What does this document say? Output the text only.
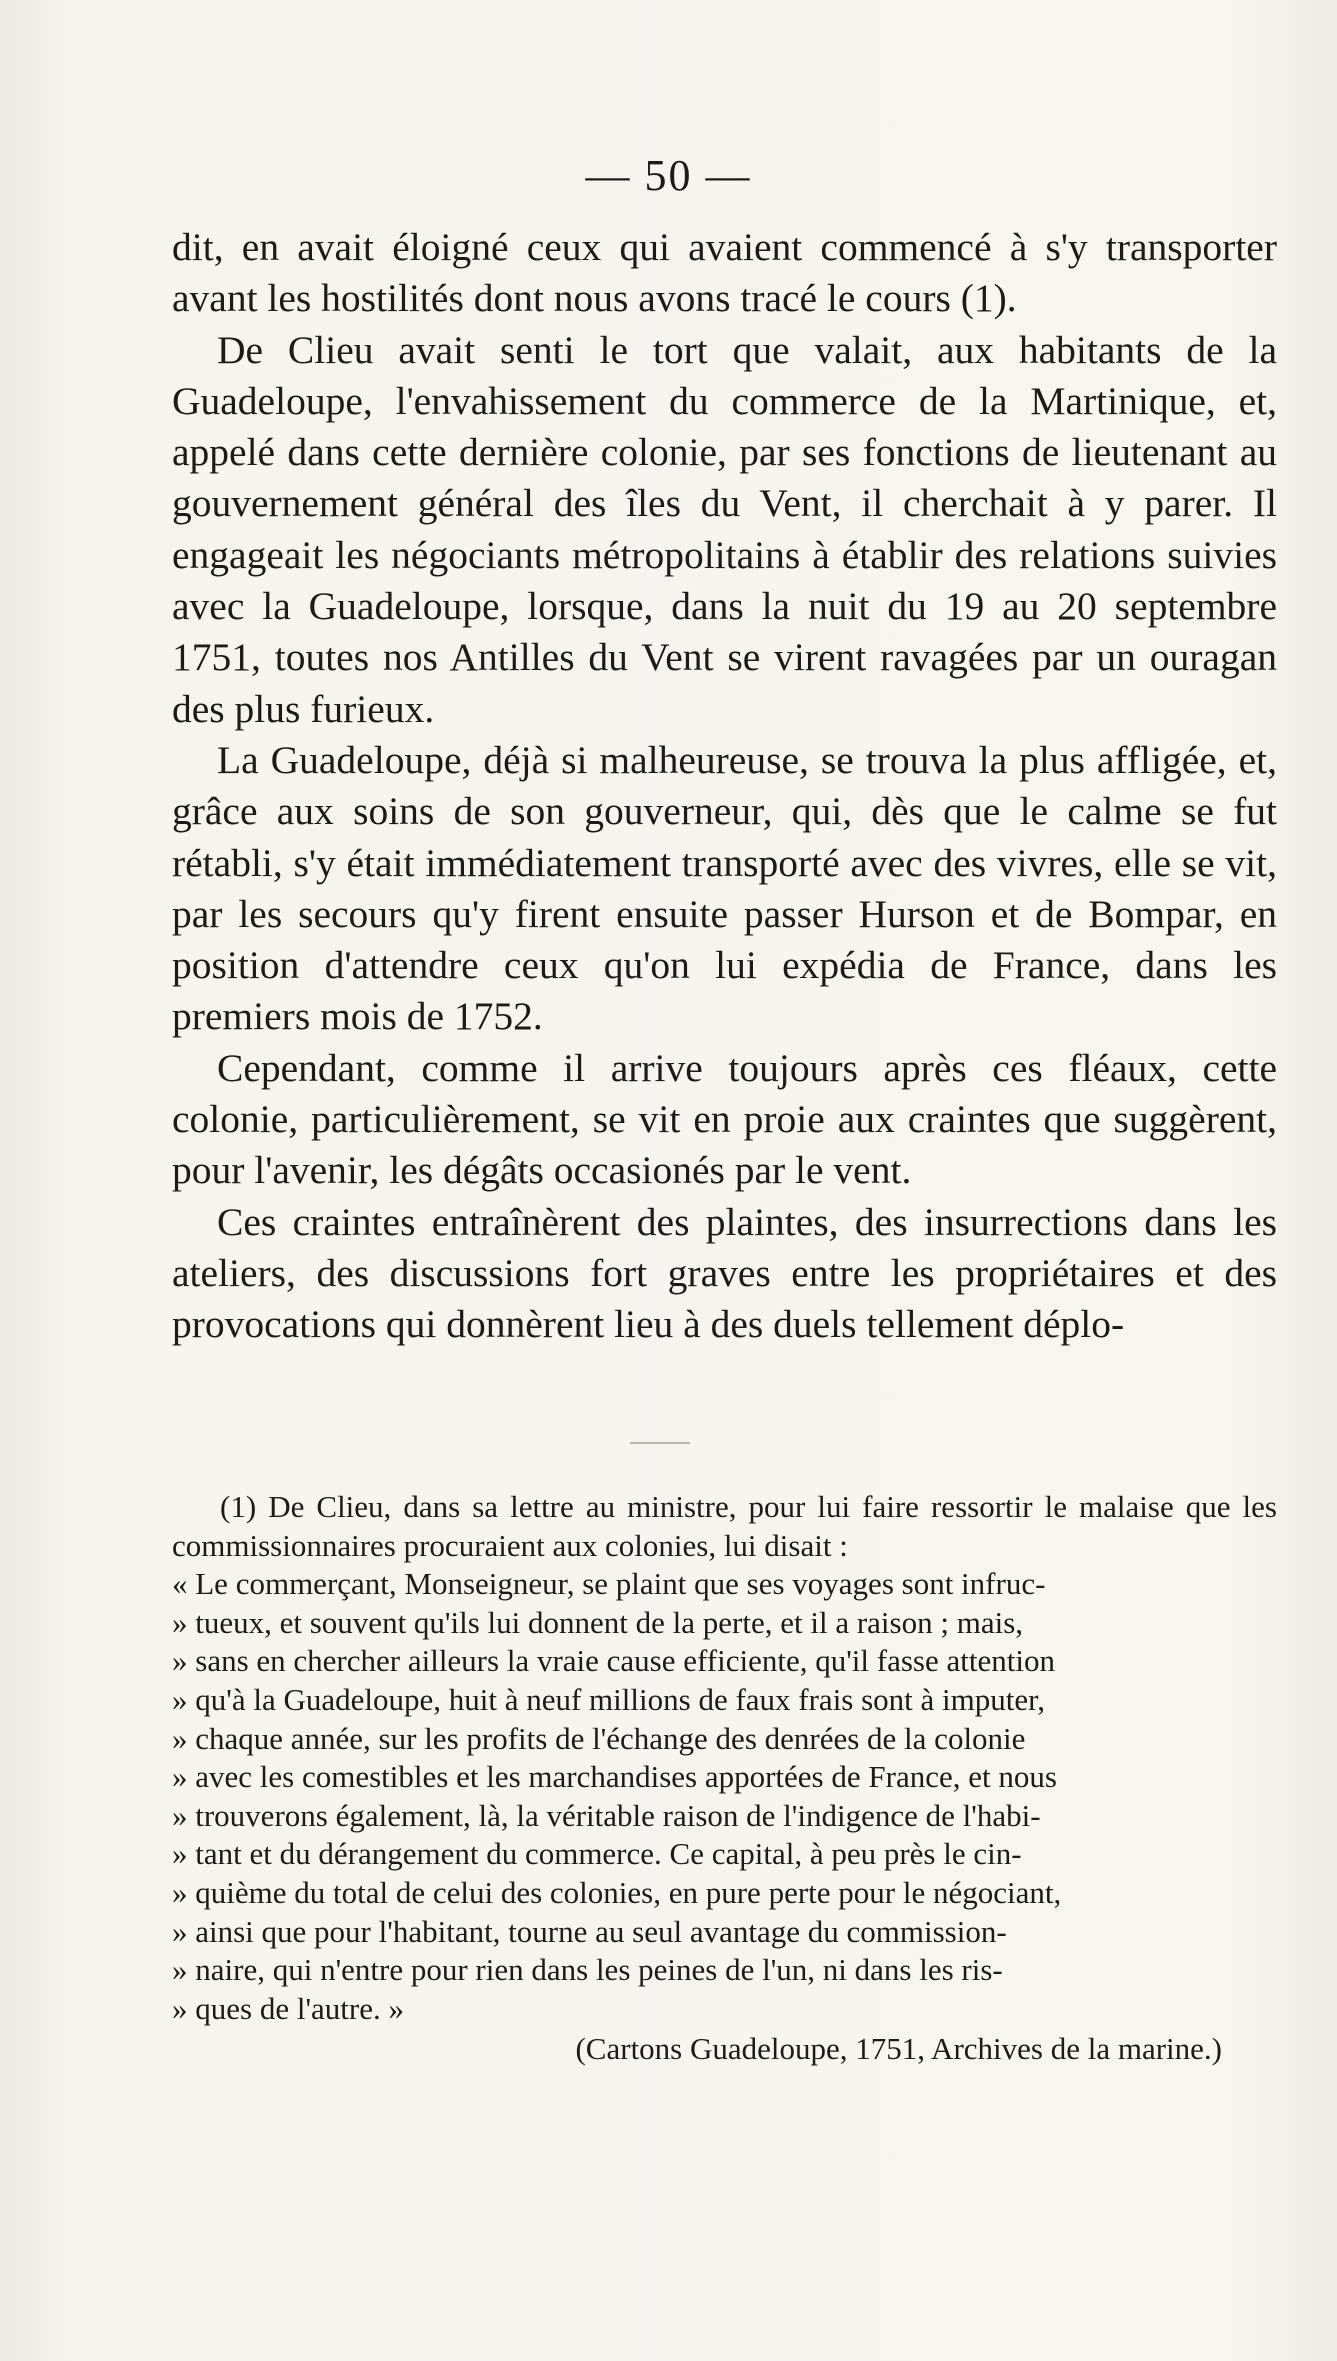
— 50 —

dit, en avait éloigné ceux qui avaient commencé à s'y transporter avant les hostilités dont nous avons tracé le cours (1).

De Clieu avait senti le tort que valait, aux habitants de la Guadeloupe, l'envahissement du commerce de la Martinique, et, appelé dans cette dernière colonie, par ses fonctions de lieutenant au gouvernement général des îles du Vent, il cherchait à y parer. Il engageait les négociants métropolitains à établir des relations suivies avec la Guadeloupe, lorsque, dans la nuit du 19 au 20 septembre 1751, toutes nos Antilles du Vent se virent ravagées par un ouragan des plus furieux.

La Guadeloupe, déjà si malheureuse, se trouva la plus affligée, et, grâce aux soins de son gouverneur, qui, dès que le calme se fut rétabli, s'y était immédiatement transporté avec des vivres, elle se vit, par les secours qu'y firent ensuite passer Hurson et de Bompar, en position d'attendre ceux qu'on lui expédia de France, dans les premiers mois de 1752.

Cependant, comme il arrive toujours après ces fléaux, cette colonie, particulièrement, se vit en proie aux craintes que suggèrent, pour l'avenir, les dégâts occasionés par le vent.

Ces craintes entraînèrent des plaintes, des insurrections dans les ateliers, des discussions fort graves entre les propriétaires et des provocations qui donnèrent lieu à des duels tellement déplo-

(1) De Clieu, dans sa lettre au ministre, pour lui faire ressortir le malaise que les commissionnaires procuraient aux colonies, lui disait :

« Le commerçant, Monseigneur, se plaint que ses voyages sont infruc-

» tueux, et souvent qu'ils lui donnent de la perte, et il a raison ; mais,

» sans en chercher ailleurs la vraie cause efficiente, qu'il fasse attention

» qu'à la Guadeloupe, huit à neuf millions de faux frais sont à imputer,

» chaque année, sur les profits de l'échange des denrées de la colonie

» avec les comestibles et les marchandises apportées de France, et nous

» trouverons également, là, la véritable raison de l'indigence de l'habi-

» tant et du dérangement du commerce. Ce capital, à peu près le cin-

» quième du total de celui des colonies, en pure perte pour le négociant,

» ainsi que pour l'habitant, tourne au seul avantage du commission-

» naire, qui n'entre pour rien dans les peines de l'un, ni dans les ris-

» ques de l'autre. »

(Cartons Guadeloupe, 1751, Archives de la marine.)
